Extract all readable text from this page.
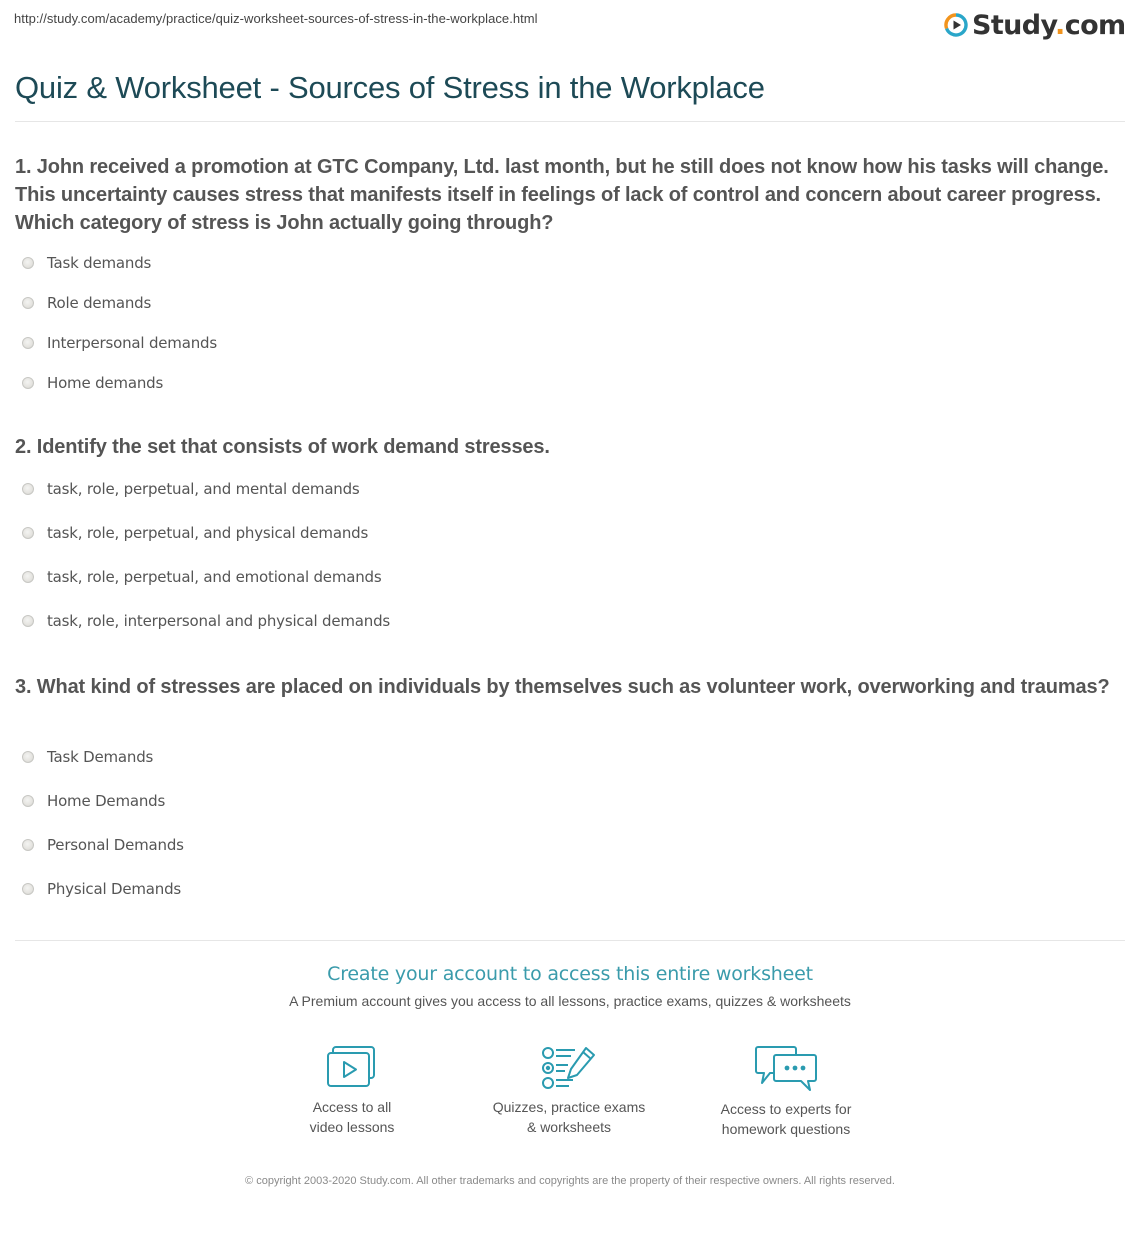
http://study.com/academy/practice/quiz-worksheet-sources-of-stress-in-the-workplace.html	Study.com
Quiz & Worksheet - Sources of Stress in the Workplace
1. John received a promotion at GTC Company, Ltd. last month, but he still does not know how his tasks will change. This uncertainty causes stress that manifests itself in feelings of lack of control and concern about career progress. Which category of stress is John actually going through?
Task demands
Role demands
Interpersonal demands
Home demands
2. Identify the set that consists of work demand stresses.
task, role, perpetual, and mental demands
task, role, perpetual, and physical demands
task, role, perpetual, and emotional demands
task, role, interpersonal and physical demands
3. What kind of stresses are placed on individuals by themselves such as volunteer work, overworking and traumas?
Task Demands
Home Demands
Personal Demands
Physical Demands
Create your account to access this entire worksheet
A Premium account gives you access to all lessons, practice exams, quizzes & worksheets
Access to all
video lessons
Quizzes, practice exams
& worksheets
Access to experts for
homework questions
© copyright 2003-2020 Study.com. All other trademarks and copyrights are the property of their respective owners. All rights reserved.
